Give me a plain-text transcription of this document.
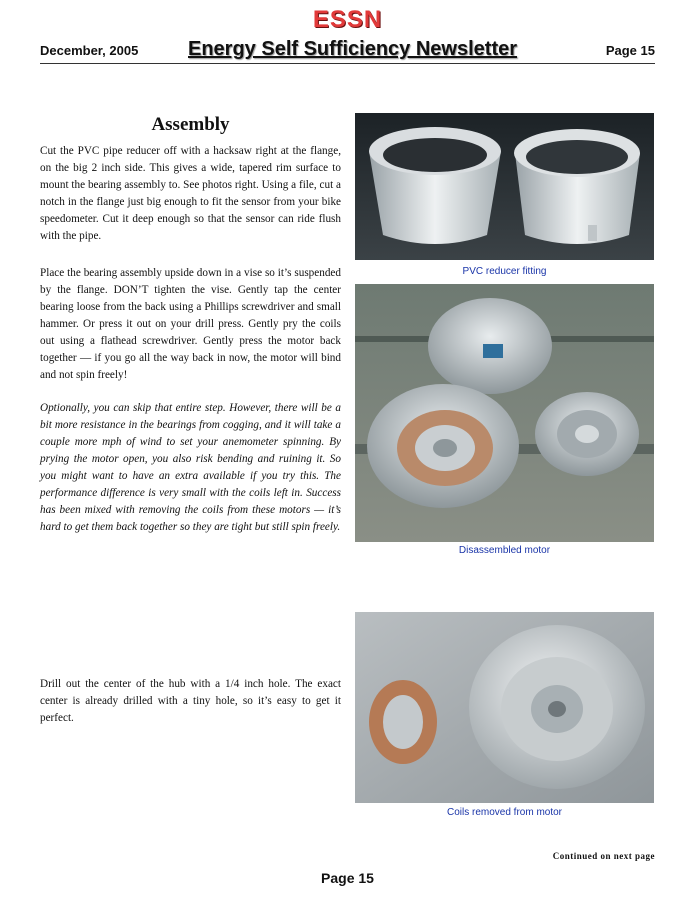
ESSN
December, 2005 Energy Self Sufficiency Newsletter	Page 15
Assembly
Cut the PVC pipe reducer off with a hacksaw right at the flange, on the big 2 inch side. This gives a wide, tapered rim surface to mount the bearing assembly to. See photos right. Using a file, cut a notch in the flange just big enough to fit the sensor from your bike speedometer. Cut it deep enough so that the sensor can ride flush with the pipe.
Place the bearing assembly upside down in a vise so it’s suspended by the flange. DON’T tighten the vise. Gently tap the center bearing loose from the back using a Phillips screwdriver and small hammer. Or press it out on your drill press. Gently pry the coils out using a flathead screwdriver. Gently press the motor back together — if you go all the way back in now, the motor will bind and not spin freely!
Optionally, you can skip that entire step. However, there will be a bit more resistance in the bearings from cogging, and it will take a couple more mph of wind to set your anemometer spinning. By prying the motor open, you also risk bending and ruining it. So you might want to have an extra available if you try this. The performance difference is very small with the coils left in. Success has been mixed with removing the coils from these motors — it’s hard to get them back together so they are tight but still spin freely.
Drill out the center of the hub with a 1/4 inch hole. The exact center is already drilled with a tiny hole, so it’s easy to get it perfect.
PVC reducer fitting
Disassembled motor
Coils removed from motor
Continued on next page
Page 15
